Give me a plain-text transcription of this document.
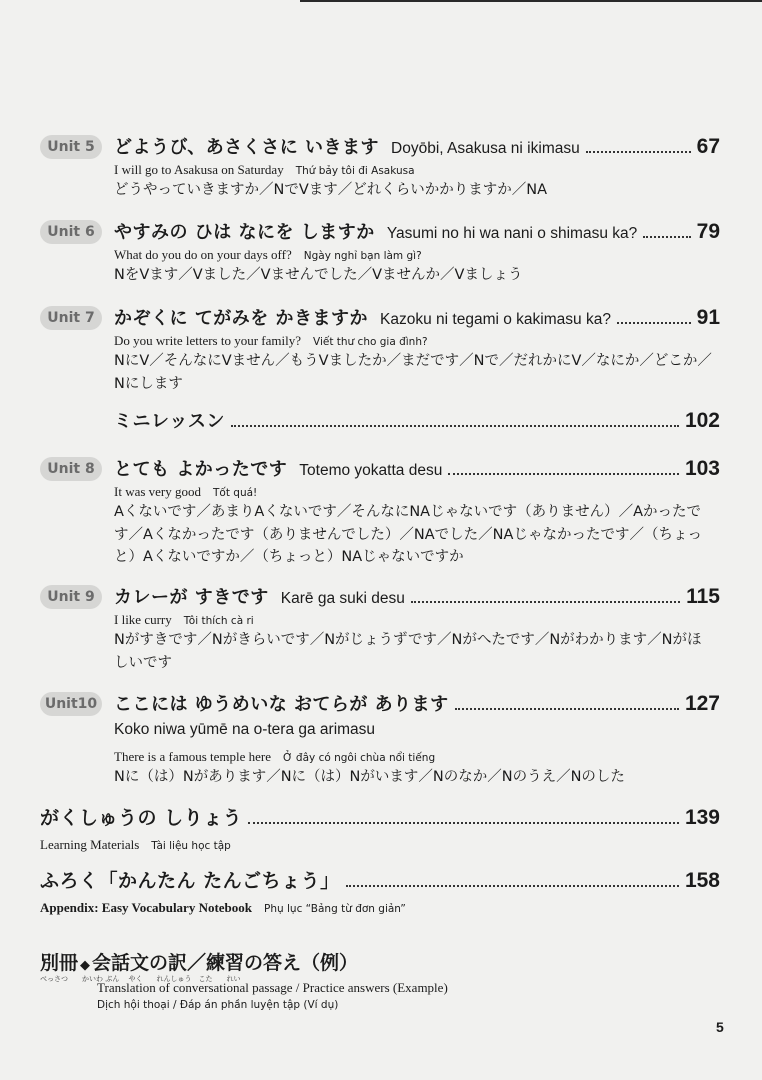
Unit 5	どようび、あさくさに いきます Doyōbi, Asakusa ni ikimasu	67
I will go to Asakusa on Saturday Thứ bảy tôi đi Asakusa
どうやっていきますか／NでVます／どれくらいかかりますか／NA
Unit 6	やすみの ひは なにを しますか Yasumi no hi wa nani o shimasu ka?	79
What do you do on your days off? Ngày nghỉ bạn làm gì?
NをVます／Vました／Vませんでした／Vませんか／Vましょう
Unit 7	かぞくに てがみを かきますか Kazoku ni tegami o kakimasu ka?	91
Do you write letters to your family? Viết thư cho gia đình?
NにV／そんなにVません／もうVましたか／まだです／Nで／だれかにV／なにか／どこか／Nにします
ミニレッスン	102
Unit 8	とても よかったです Totemo yokatta desu	103
It was very good Tốt quá!
Aくないです／あまりAくないです／そんなにNAじゃないです（ありません）／Aかったです／Aくなかったです（ありませんでした）／NAでした／NAじゃなかったです／（ちょっと）Aくないですか／（ちょっと）NAじゃないですか
Unit 9	カレーが すきです Karē ga suki desu	115
I like curry Tôi thích cà ri
Nがすきです／Nがきらいです／Nがじょうずです／Nがへたです／Nがわかります／Nがほしいです
Unit10 ここには ゆうめいな おてらが あります	127
Koko niwa yūmē na o-tera ga arimasu
There is a famous temple here Ở đây có ngôi chùa nổi tiếng
Nに（は）Nがあります／Nに（は）Nがいます／Nのなか／Nのうえ／Nのした
がくしゅうの しりょう	139
Learning Materials Tài liệu học tập
ふろく「かんたん たんごちょう」	158
Appendix: Easy Vocabulary Notebook Phụ lục “Bảng từ đơn giản”
別冊 ◆ 会話文の訳／練習の答え（例）
べっさつ　　かいわ ぶん　 やく　　れんしゅう　こた　　れい
Translation of conversational passage / Practice answers (Example)
Dịch hội thoại / Đáp án phần luyện tập (Ví dụ)
5
